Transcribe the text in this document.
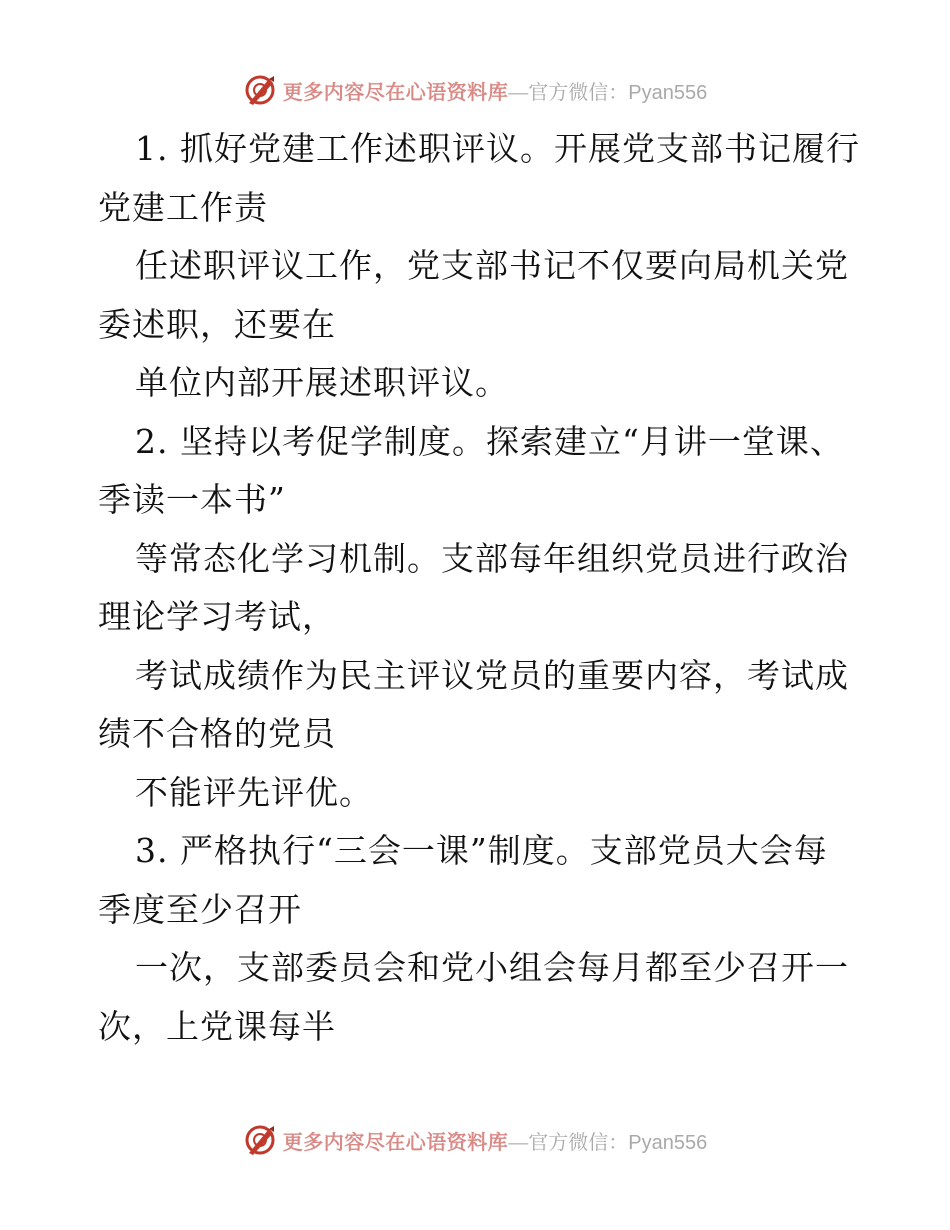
更多内容尽在心语资料库 — 官方微信： Pyan556
1. 抓好党建工作述职评议。开展党支部书记履行
党建工作责
任述职评议工作，党支部书记不仅要向局机关党
委述职，还要在
单位内部开展述职评议。
2. 坚持以考促学制度。探索建立“月讲一堂课、
季读一本书”
等常态化学习机制。支部每年组织党员进行政治
理论学习考试，
考试成绩作为民主评议党员的重要内容，考试成
绩不合格的党员
不能评先评优。
3. 严格执行“三会一课”制度。支部党员大会每
季度至少召开
一次，支部委员会和党小组会每月都至少召开一
次，上党课每半
更多内容尽在心语资料库 — 官方微信： Pyan556
